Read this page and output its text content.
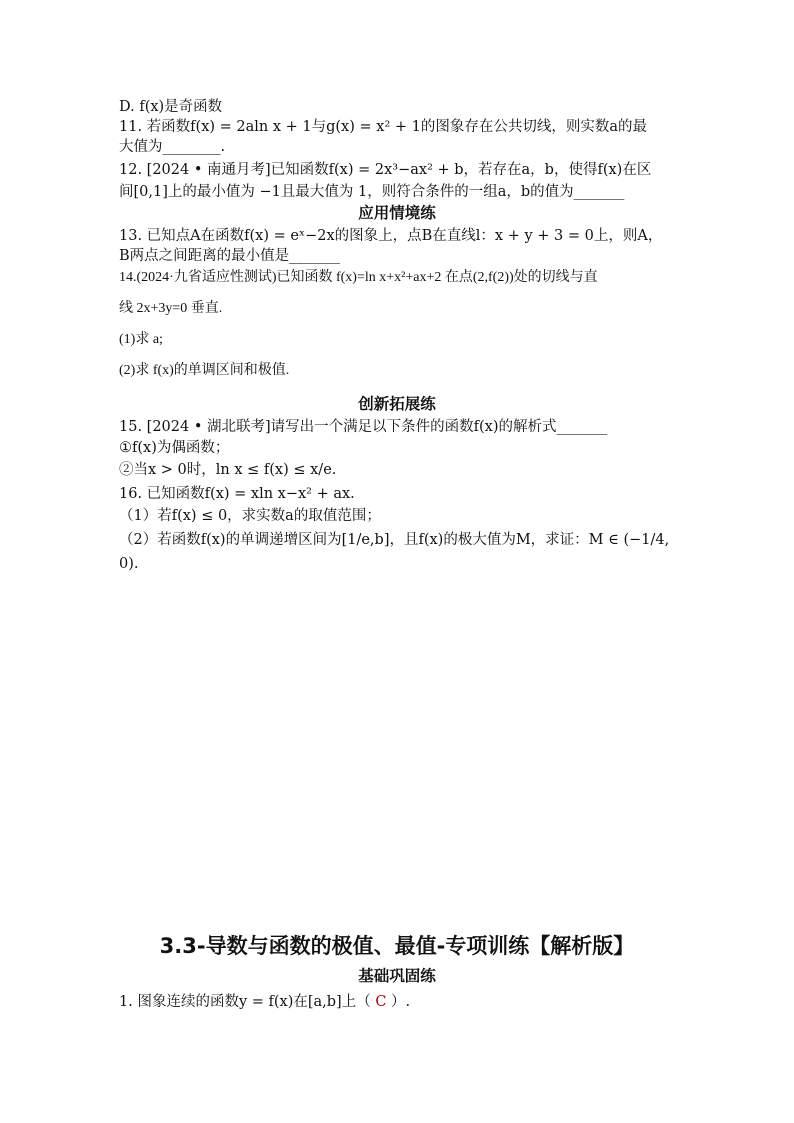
D. f(x)是奇函数
11. 若函数f(x) = 2aln x + 1与g(x) = x² + 1的图象存在公共切线，则实数a的最
大值为________.
12. [2024 • 南通月考]已知函数f(x) = 2x³−ax² + b，若存在a，b，使得f(x)在区
间[0,1]上的最小值为 −1且最大值为 1，则符合条件的一组a，b的值为_______
应用情境练
13. 已知点A在函数f(x) = eˣ−2x的图象上，点B在直线l：x + y + 3 = 0上，则A，
B两点之间距离的最小值是_______
14.(2024·九省适应性测试)已知函数 f(x)=ln x+x²+ax+2 在点(2,f(2))处的切线与直
线 2x+3y=0 垂直.
(1)求 a;
(2)求 f(x)的单调区间和极值.
创新拓展练
15. [2024 • 湖北联考]请写出一个满足以下条件的函数f(x)的解析式_______
①f(x)为偶函数；
②当x > 0时，ln x ≤ f(x) ≤ x/e.
16. 已知函数f(x) = xln x−x² + ax.
（1）若f(x) ≤ 0，求实数a的取值范围；
（2）若函数f(x)的单调递增区间为[1/e,b]，且f(x)的极大值为M，求证：M ∈ (−1/4,
0).
3.3-导数与函数的极值、最值-专项训练【解析版】
基础巩固练
1. 图象连续的函数y = f(x)在[a,b]上（ C ）.
